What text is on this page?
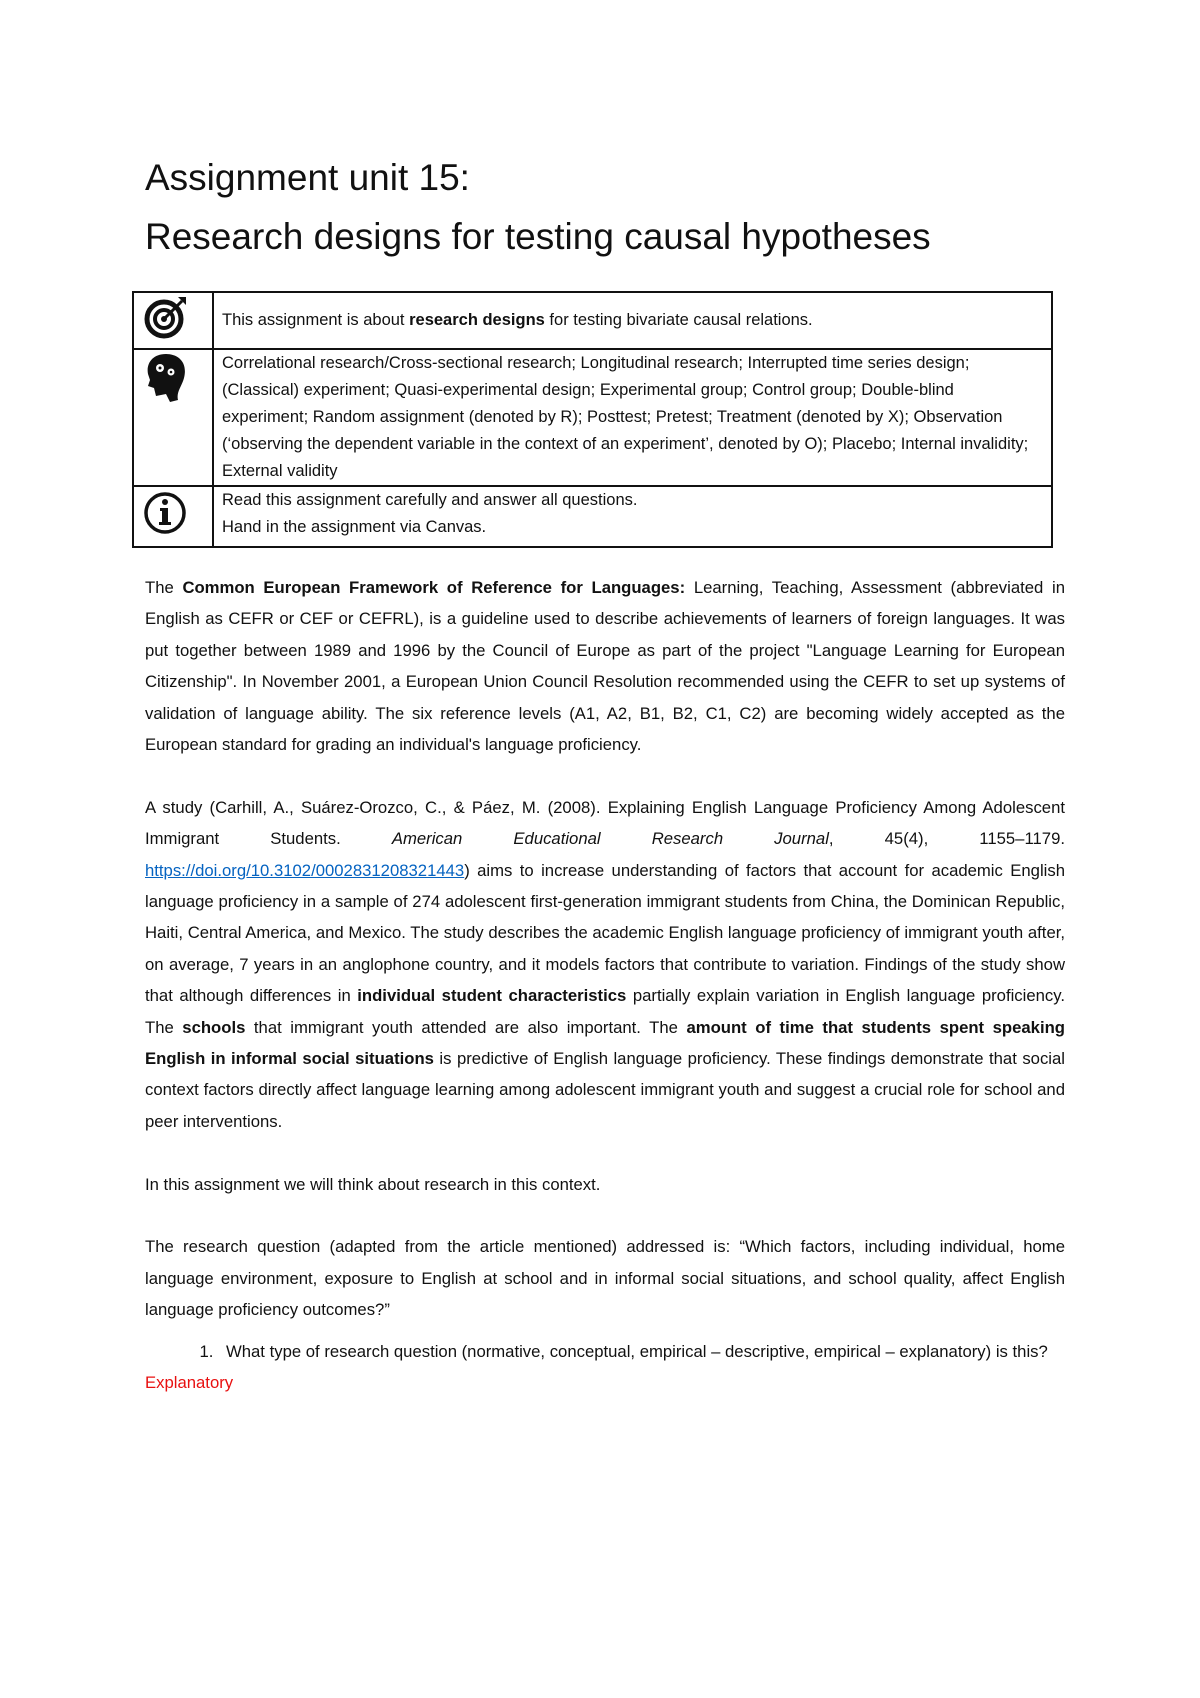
Assignment unit 15:
Research designs for testing causal hypotheses
	This assignment is about research designs for testing bivariate causal relations.
	Correlational research/Cross-sectional research; Longitudinal research; Interrupted time series design; (Classical) experiment; Quasi-experimental design; Experimental group; Control group; Double-blind experiment; Random assignment (denoted by R); Posttest; Pretest; Treatment (denoted by X); Observation (‘observing the dependent variable in the context of an experiment’, denoted by O); Placebo; Internal invalidity; External validity
	Read this assignment carefully and answer all questions.
Hand in the assignment via Canvas.

The Common European Framework of Reference for Languages: Learning, Teaching, Assessment (abbreviated in English as CEFR or CEF or CEFRL), is a guideline used to describe achievements of learners of foreign languages. It was put together between 1989 and 1996 by the Council of Europe as part of the project "Language Learning for European Citizenship". In November 2001, a European Union Council Resolution recommended using the CEFR to set up systems of validation of language ability. The six reference levels (A1, A2, B1, B2, C1, C2) are becoming widely accepted as the European standard for grading an individual's language proficiency.

A study (Carhill, A., Suárez-Orozco, C., & Páez, M. (2008). Explaining English Language Proficiency Among Adolescent Immigrant Students. American Educational Research Journal, 45(4), 1155–1179. https://doi.org/10.3102/0002831208321443) aims to increase understanding of factors that account for academic English language proficiency in a sample of 274 adolescent first-generation immigrant students from China, the Dominican Republic, Haiti, Central America, and Mexico. The study describes the academic English language proficiency of immigrant youth after, on average, 7 years in an anglophone country, and it models factors that contribute to variation. Findings of the study show that although differences in individual student characteristics partially explain variation in English language proficiency. The schools that immigrant youth attended are also important. The amount of time that students spent speaking English in informal social situations is predictive of English language proficiency. These findings demonstrate that social context factors directly affect language learning among adolescent immigrant youth and suggest a crucial role for school and peer interventions.

In this assignment we will think about research in this context.

The research question (adapted from the article mentioned) addressed is: “Which factors, including individual, home language environment, exposure to English at school and in informal social situations, and school quality, affect English language proficiency outcomes?”

1. What type of research question (normative, conceptual, empirical – descriptive, empirical – explanatory) is this?
Explanatory
